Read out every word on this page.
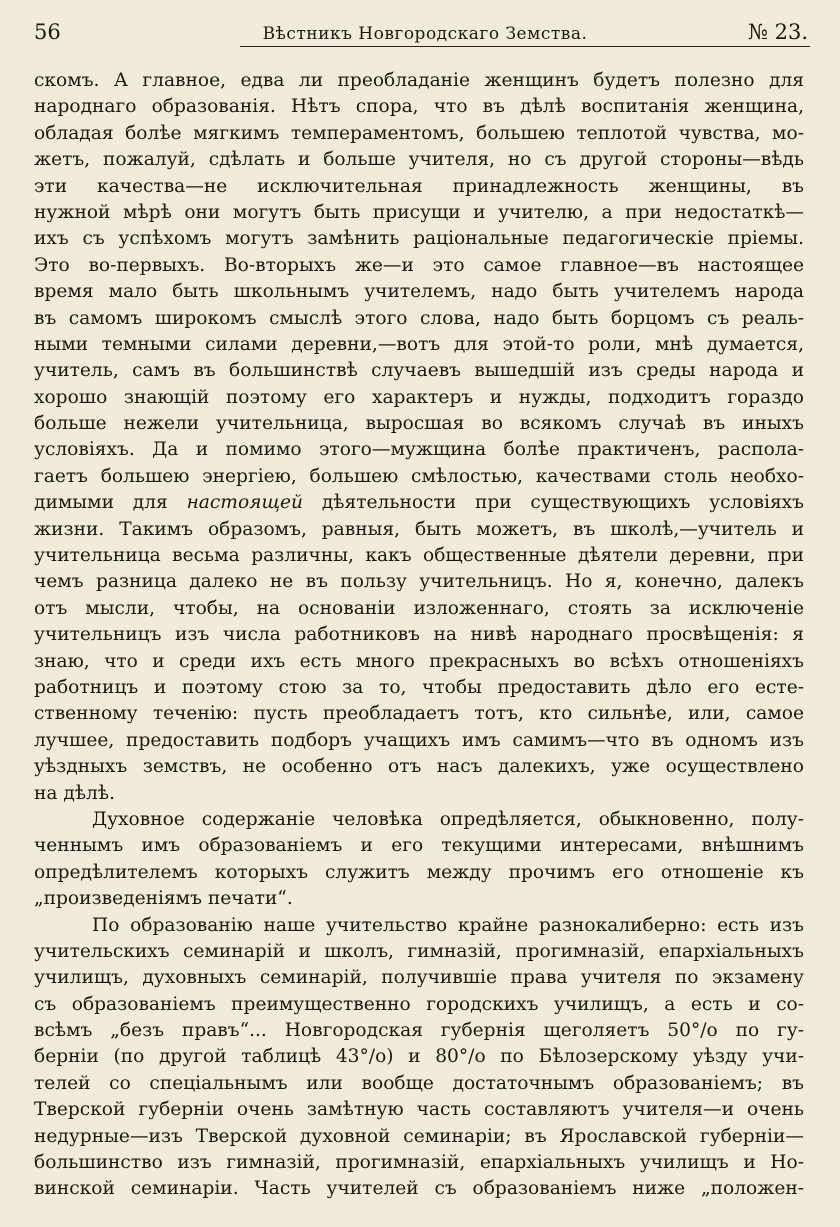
56	Вѣстникъ Новгородскаго Земства.	№ 23.
скомъ. А главное, едва ли преобладаніе женщинъ будетъ полезно для
народнаго образованія. Нѣтъ спора, что въ дѣлѣ воспитанія женщина,
обладая болѣе мягкимъ темпераментомъ, большею теплотой чувства, мо-
жетъ, пожалуй, сдѣлать и больше учителя, но съ другой стороны—вѣдь
эти качества—не исключительная принадлежность женщины, въ
нужной мѣрѣ они могутъ быть присущи и учителю, а при недостаткѣ—
ихъ съ успѣхомъ могутъ замѣнить раціональные педагогическіе пріемы.
Это во-первыхъ. Во-вторыхъ же—и это самое главное—въ настоящее
время мало быть школьнымъ учителемъ, надо быть учителемъ народа
въ самомъ широкомъ смыслѣ этого слова, надо быть борцомъ съ реаль-
ными темными силами деревни,—вотъ для этой-то роли, мнѣ думается,
учитель, самъ въ большинствѣ случаевъ вышедшій изъ среды народа и
хорошо знающій поэтому его характеръ и нужды, подходитъ гораздо
больше нежели учительница, выросшая во всякомъ случаѣ въ иныхъ
условіяхъ. Да и помимо этого—мужщина болѣе практиченъ, распола-
гаетъ большею энергіею, большею смѣлостью, качествами столь необхо-
димыми для настоящей дѣятельности при существующихъ условіяхъ
жизни. Такимъ образомъ, равныя, быть можетъ, въ школѣ,—учитель и
учительница весьма различны, какъ общественные дѣятели деревни, при
чемъ разница далеко не въ пользу учительницъ. Но я, конечно, далекъ
отъ мысли, чтобы, на основаніи изложеннаго, стоять за исключеніе
учительницъ изъ числа работниковъ на нивѣ народнаго просвѣщенія: я
знаю, что и среди ихъ есть много прекрасныхъ во всѣхъ отношеніяхъ
работницъ и поэтому стою за то, чтобы предоставить дѣло его есте-
ственному теченію: пусть преобладаетъ тотъ, кто сильнѣе, или, самое
лучшее, предоставить подборъ учащихъ имъ самимъ—что въ одномъ изъ
уѣздныхъ земствъ, не особенно отъ насъ далекихъ, уже осуществлено
на дѣлѣ.
Духовное содержаніе человѣка опредѣляется, обыкновенно, полу-
ченнымъ имъ образованіемъ и его текущими интересами, внѣшнимъ
опредѣлителемъ которыхъ служитъ между прочимъ его отношеніе къ
„произведеніямъ печати“.
По образованію наше учительство крайне разнокалиберно: есть изъ
учительскихъ семинарій и школъ, гимназій, прогимназій, епархіальныхъ
училищъ, духовныхъ семинарій, получившіе права учителя по экзамену
съ образованіемъ преимущественно городскихъ училищъ, а есть и со-
всѣмъ „безъ правъ“... Новгородская губернія щеголяетъ 50°/о по гу-
берніи (по другой таблицѣ 43°/о) и 80°/о по Бѣлозерскому уѣзду учи-
телей со спеціальнымъ или вообще достаточнымъ образованіемъ; въ
Тверской губерніи очень замѣтную часть составляютъ учителя—и очень
недурные—изъ Тверской духовной семинаріи; въ Ярославской губерніи—
большинство изъ гимназій, прогимназій, епархіальныхъ училищъ и Но-
винской семинаріи. Часть учителей съ образованіемъ ниже „положен-
